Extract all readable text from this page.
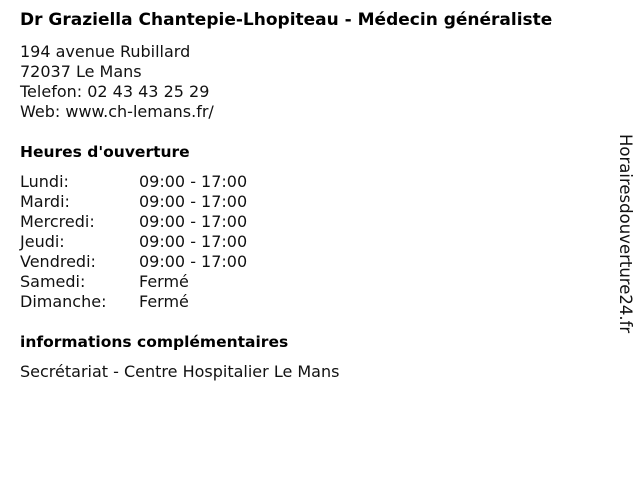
Dr Graziella Chantepie-Lhopiteau - Médecin généraliste
194 avenue Rubillard
72037 Le Mans
Telefon: 02 43 43 25 29
Web: www.ch-lemans.fr/
Heures d'ouverture
Lundi:	09:00 - 17:00
Mardi:	09:00 - 17:00
Mercredi:	09:00 - 17:00
Jeudi:	09:00 - 17:00
Vendredi:	09:00 - 17:00
Samedi:	Fermé
Dimanche:	Fermé
informations complémentaires
Secrétariat - Centre Hospitalier Le Mans
Horairesdouverture24.fr
